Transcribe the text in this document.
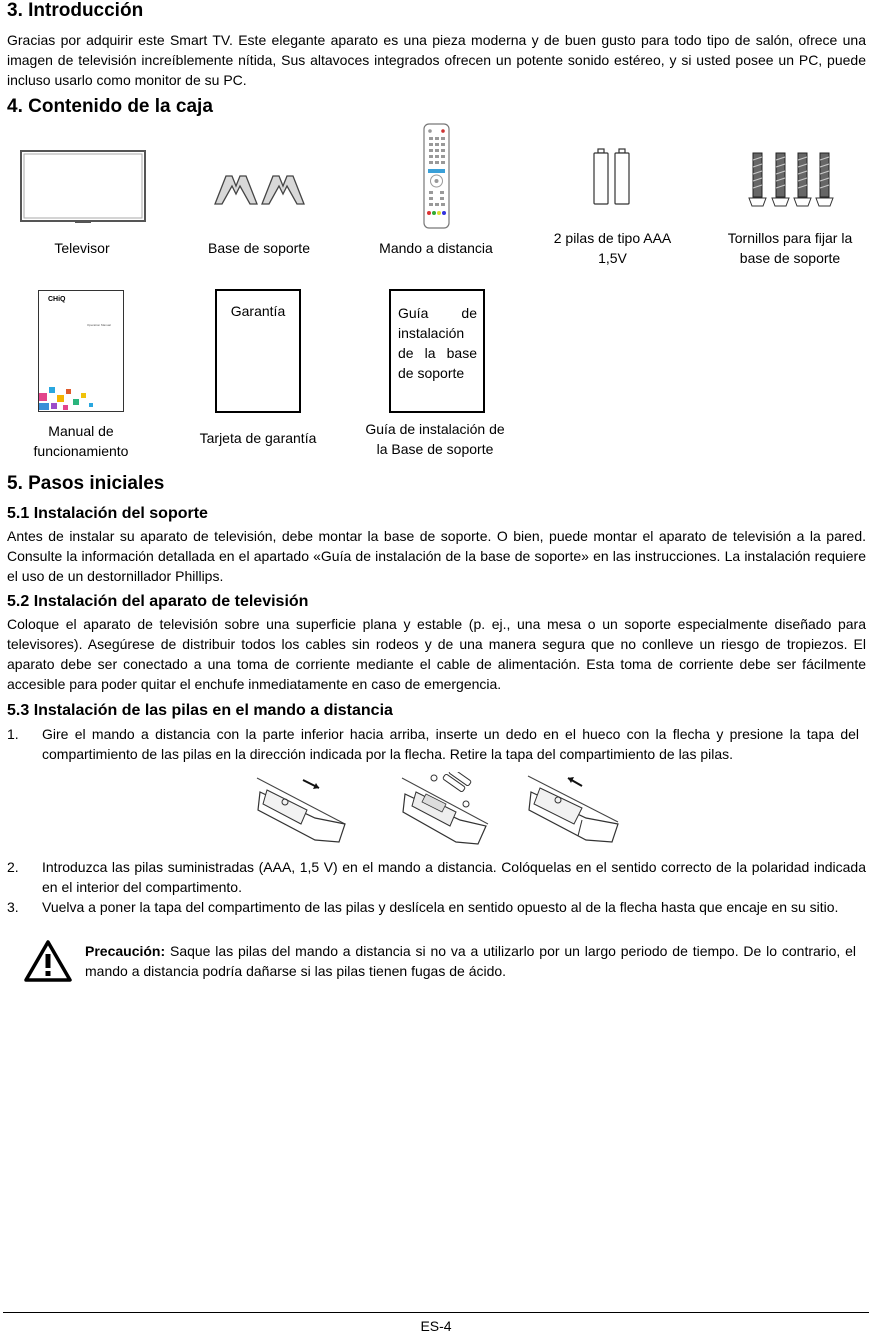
3. Introducción
Gracias por adquirir este Smart TV. Este elegante aparato es una pieza moderna y de buen gusto para todo tipo de salón, ofrece una imagen de televisión increíblemente nítida, Sus altavoces integrados ofrecen un potente sonido estéreo, y si usted posee un PC, puede incluso usarlo como monitor de su PC.
4. Contenido de la caja
Televisor	Base de soporte	Mando a distancia
2 pilas de tipo AAA
1,5V
Tornillos para fijar la
base de soporte
CHiQ
Operation Manual
Manual de
funcionamiento
Garantía
Tarjeta de garantía
Guía de instalación de la base de soporte
Guía de instalación de
la Base de soporte
5. Pasos iniciales
5.1 Instalación del soporte
Antes de instalar su aparato de televisión, debe montar la base de soporte. O bien, puede montar el aparato de televisión a la pared. Consulte la información detallada en el apartado «Guía de instalación de la base de soporte» en las instrucciones. La instalación requiere el uso de un destornillador Phillips.
5.2 Instalación del aparato de televisión
Coloque el aparato de televisión sobre una superficie plana y estable (p. ej., una mesa o un soporte especialmente diseñado para televisores). Asegúrese de distribuir todos los cables sin rodeos y de una manera segura que no conlleve un riesgo de tropiezos. El aparato debe ser conectado a una toma de corriente mediante el cable de alimentación. Esta toma de corriente debe ser fácilmente accesible para poder quitar el enchufe inmediatamente en caso de emergencia.
5.3 Instalación de las pilas en el mando a distancia
1. Gire el mando a distancia con la parte inferior hacia arriba, inserte un dedo en el hueco con la flecha y presione la tapa del compartimiento de las pilas en la dirección indicada por la flecha. Retire la tapa del compartimiento de las pilas.
2. Introduzca las pilas suministradas (AAA, 1,5 V) en el mando a distancia. Colóquelas en el sentido correcto de la polaridad indicada en el interior del compartimento.
3. Vuelva a poner la tapa del compartimento de las pilas y deslícela en sentido opuesto al de la flecha hasta que encaje en su sitio.
Precaución: Saque las pilas del mando a distancia si no va a utilizarlo por un largo periodo de tiempo. De lo contrario, el mando a distancia podría dañarse si las pilas tienen fugas de ácido.
ES-4
